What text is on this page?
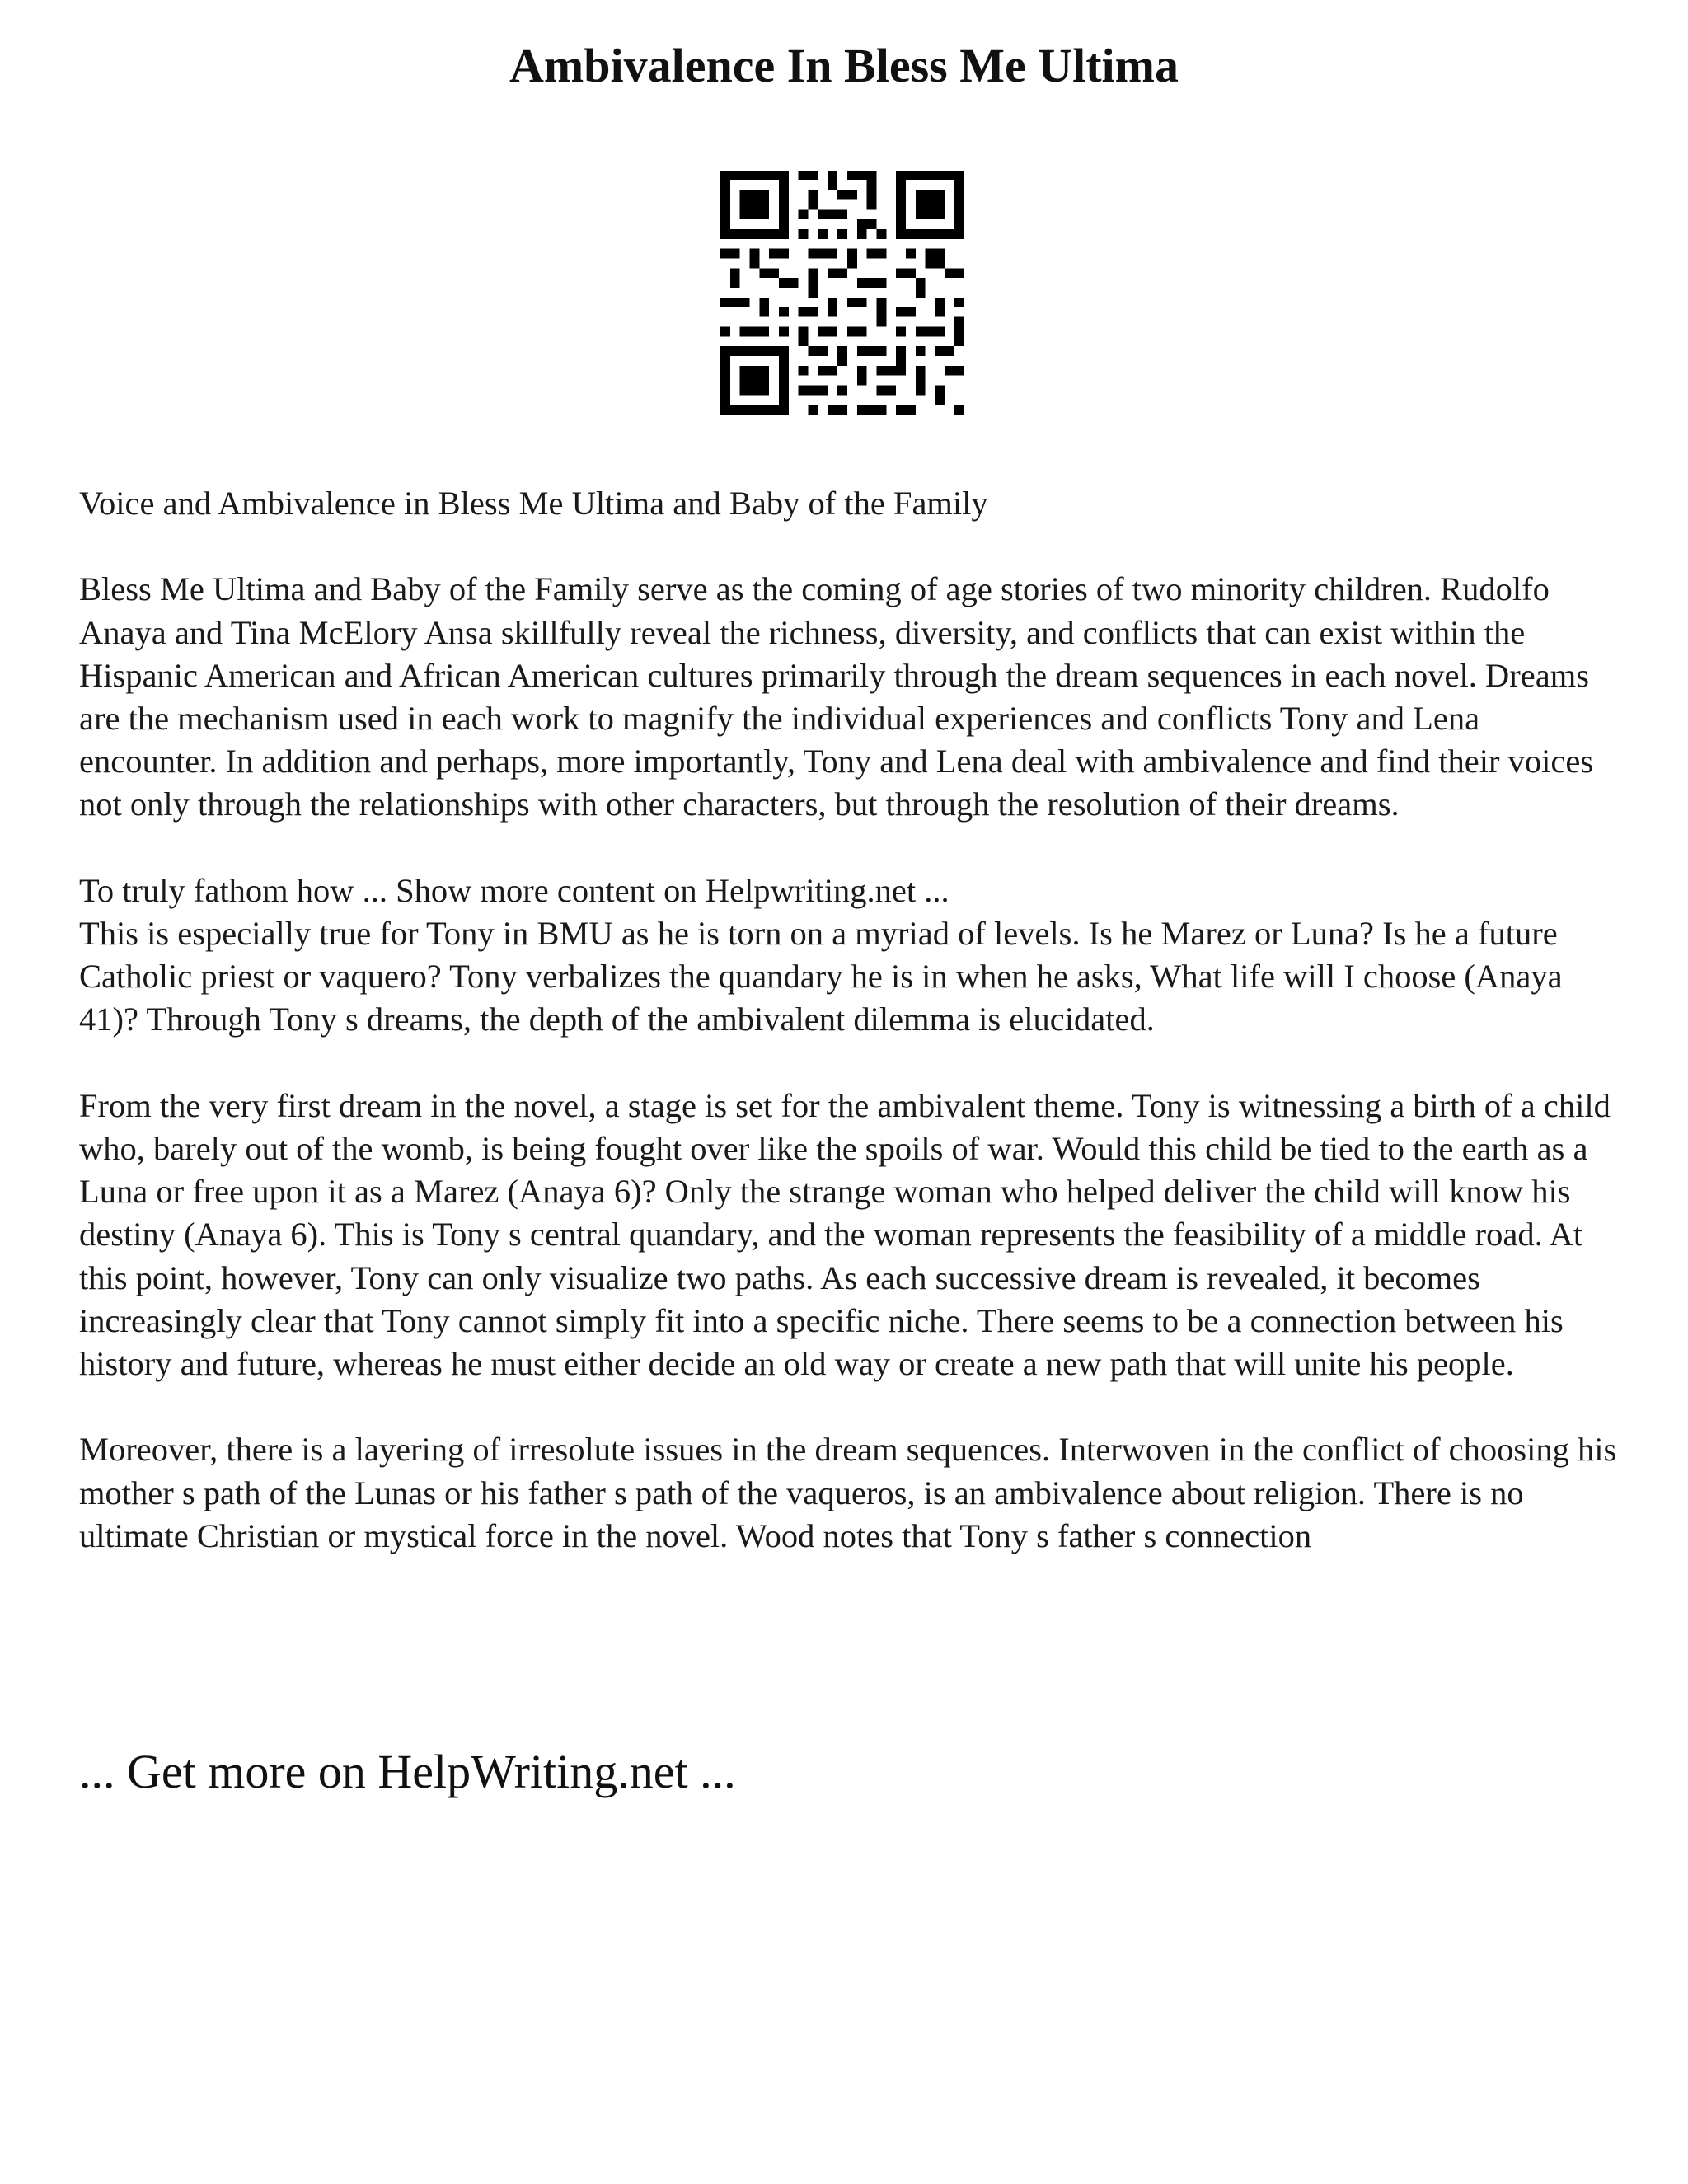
Ambivalence In Bless Me Ultima

Voice and Ambivalence in Bless Me Ultima and Baby of the Family

Bless Me Ultima and Baby of the Family serve as the coming of age stories of two minority children. Rudolfo Anaya and Tina McElory Ansa skillfully reveal the richness, diversity, and conflicts that can exist within the Hispanic American and African American cultures primarily through the dream sequences in each novel. Dreams are the mechanism used in each work to magnify the individual experiences and conflicts Tony and Lena encounter. In addition and perhaps, more importantly, Tony and Lena deal with ambivalence and find their voices not only through the relationships with other characters, but through the resolution of their dreams.

To truly fathom how ... Show more content on Helpwriting.net ...

This is especially true for Tony in BMU as he is torn on a myriad of levels. Is he Marez or Luna? Is he a future Catholic priest or vaquero? Tony verbalizes the quandary he is in when he asks, What life will I choose (Anaya 41)? Through Tony s dreams, the depth of the ambivalent dilemma is elucidated.

From the very first dream in the novel, a stage is set for the ambivalent theme. Tony is witnessing a birth of a child who, barely out of the womb, is being fought over like the spoils of war. Would this child be tied to the earth as a Luna or free upon it as a Marez (Anaya 6)? Only the strange woman who helped deliver the child will know his destiny (Anaya 6). This is Tony s central quandary, and the woman represents the feasibility of a middle road. At this point, however, Tony can only visualize two paths. As each successive dream is revealed, it becomes increasingly clear that Tony cannot simply fit into a specific niche. There seems to be a connection between his history and future, whereas he must either decide an old way or create a new path that will unite his people.

Moreover, there is a layering of irresolute issues in the dream sequences. Interwoven in the conflict of choosing his mother s path of the Lunas or his father s path of the vaqueros, is an ambivalence about religion. There is no ultimate Christian or mystical force in the novel. Wood notes that Tony s father s connection

... Get more on HelpWriting.net ...
